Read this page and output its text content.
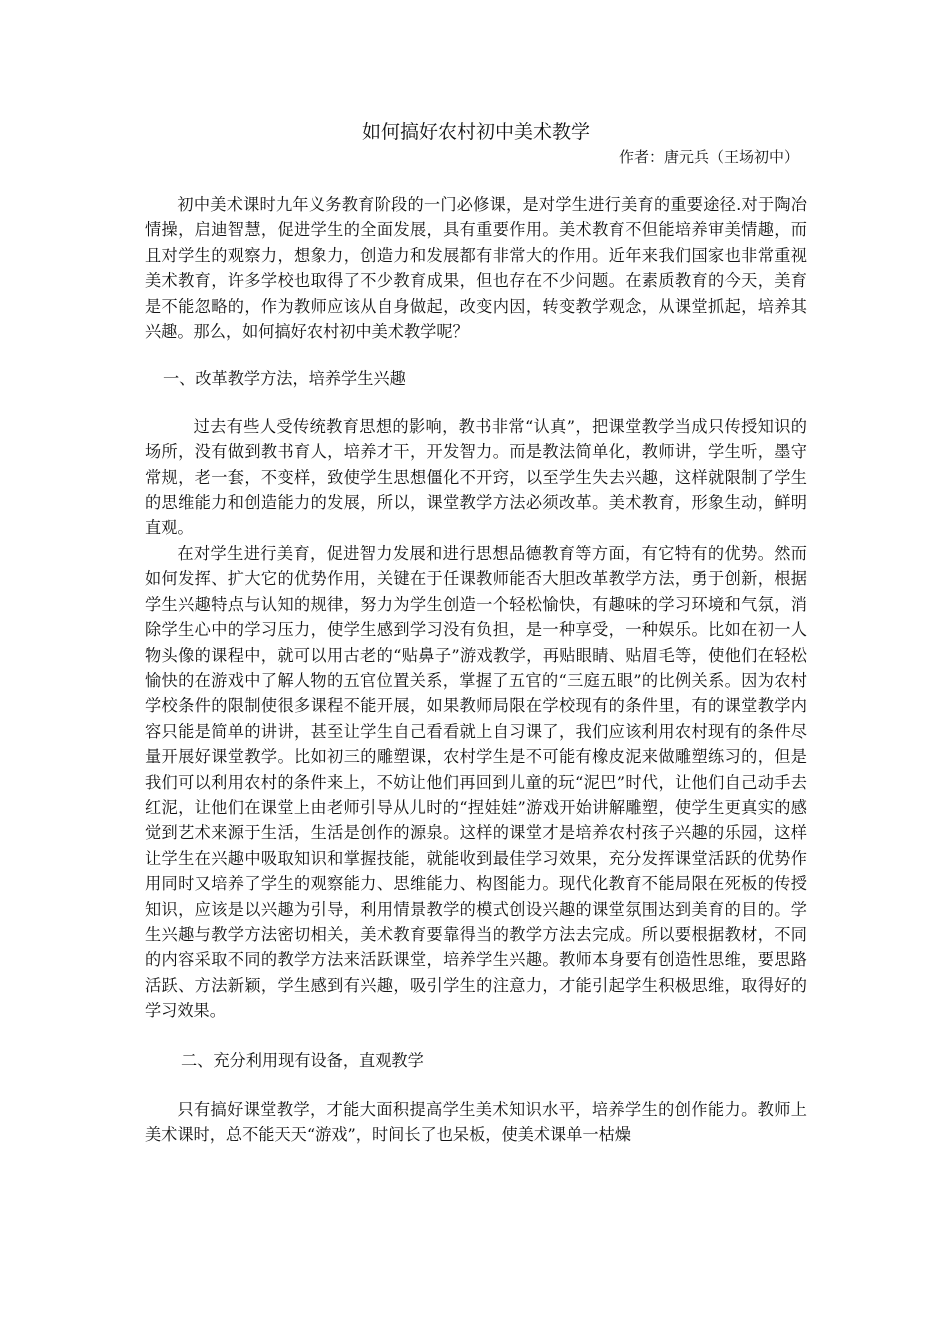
如何搞好农村初中美术教学

作者：唐元兵（王场初中）

初中美术课时九年义务教育阶段的一门必修课，是对学生进行美育的重要途径.对于陶冶情操，启迪智慧，促进学生的全面发展，具有重要作用。美术教育不但能培养审美情趣，而且对学生的观察力，想象力，创造力和发展都有非常大的作用。近年来我们国家也非常重视美术教育，许多学校也取得了不少教育成果，但也存在不少问题。在素质教育的今天，美育是不能忽略的，作为教师应该从自身做起，改变内因，转变教学观念，从课堂抓起，培养其兴趣。那么，如何搞好农村初中美术教学呢？

一、改革教学方法，培养学生兴趣

过去有些人受传统教育思想的影响，教书非常“认真”，把课堂教学当成只传授知识的场所，没有做到教书育人，培养才干，开发智力。而是教法简单化，教师讲，学生听，墨守常规，老一套，不变样，致使学生思想僵化不开窍，以至学生失去兴趣，这样就限制了学生的思维能力和创造能力的发展，所以，课堂教学方法必须改革。美术教育，形象生动，鲜明直观。

在对学生进行美育，促进智力发展和进行思想品德教育等方面，有它特有的优势。然而如何发挥、扩大它的优势作用，关键在于任课教师能否大胆改革教学方法，勇于创新，根据学生兴趣特点与认知的规律，努力为学生创造一个轻松愉快，有趣味的学习环境和气氛，消除学生心中的学习压力，使学生感到学习没有负担，是一种享受，一种娱乐。比如在初一人物头像的课程中，就可以用古老的“贴鼻子”游戏教学，再贴眼睛、贴眉毛等，使他们在轻松愉快的在游戏中了解人物的五官位置关系，掌握了五官的“三庭五眼”的比例关系。因为农村学校条件的限制使很多课程不能开展，如果教师局限在学校现有的条件里，有的课堂教学内容只能是简单的讲讲，甚至让学生自己看看就上自习课了，我们应该利用农村现有的条件尽量开展好课堂教学。比如初三的雕塑课，农村学生是不可能有橡皮泥来做雕塑练习的，但是我们可以利用农村的条件来上，不妨让他们再回到儿童的玩“泥巴”时代，让他们自己动手去红泥，让他们在课堂上由老师引导从儿时的“捏娃娃”游戏开始讲解雕塑，使学生更真实的感觉到艺术来源于生活，生活是创作的源泉。这样的课堂才是培养农村孩子兴趣的乐园，这样让学生在兴趣中吸取知识和掌握技能，就能收到最佳学习效果，充分发挥课堂活跃的优势作用同时又培养了学生的观察能力、思维能力、构图能力。现代化教育不能局限在死板的传授知识，应该是以兴趣为引导，利用情景教学的模式创设兴趣的课堂氛围达到美育的目的。学生兴趣与教学方法密切相关，美术教育要靠得当的教学方法去完成。所以要根据教材，不同的内容采取不同的教学方法来活跃课堂，培养学生兴趣。教师本身要有创造性思维，要思路活跃、方法新颖，学生感到有兴趣，吸引学生的注意力，才能引起学生积极思维，取得好的学习效果。

二、充分利用现有设备，直观教学

只有搞好课堂教学，才能大面积提高学生美术知识水平，培养学生的创作能力。教师上美术课时，总不能天天“游戏”，时间长了也呆板，使美术课单一枯燥
